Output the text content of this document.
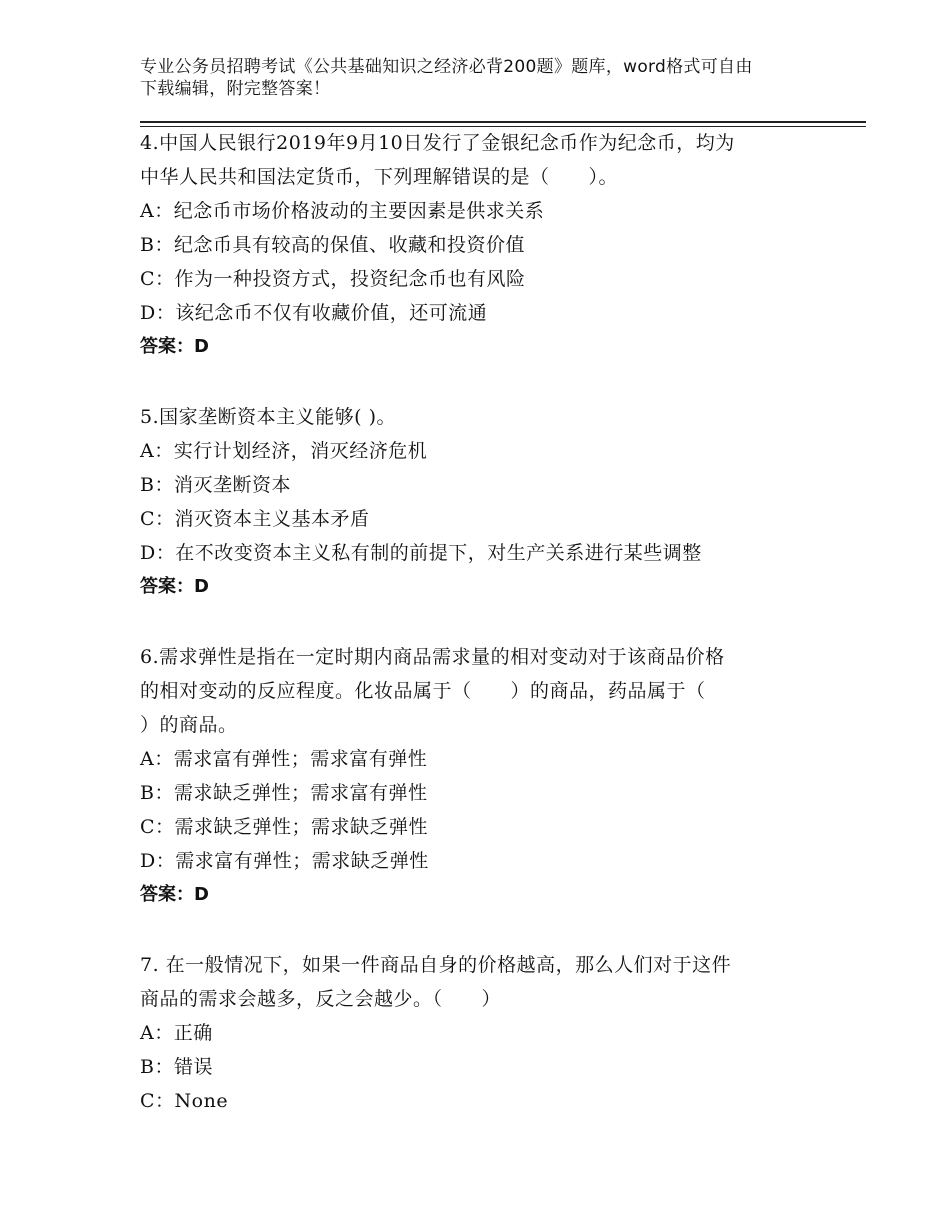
专业公务员招聘考试《公共基础知识之经济必背200题》题库，word格式可自由
下载编辑，附完整答案！
4.中国人民银行2019年9月10日发行了金银纪念币作为纪念币，均为
中华人民共和国法定货币，下列理解错误的是（　　）。
A：纪念币市场价格波动的主要因素是供求关系
B：纪念币具有较高的保值、收藏和投资价值
C：作为一种投资方式，投资纪念币也有风险
D：该纪念币不仅有收藏价值，还可流通
答案：D
5.国家垄断资本主义能够( )。
A：实行计划经济，消灭经济危机
B：消灭垄断资本
C：消灭资本主义基本矛盾
D：在不改变资本主义私有制的前提下，对生产关系进行某些调整
答案：D
6.需求弹性是指在一定时期内商品需求量的相对变动对于该商品价格
的相对变动的反应程度。化妆品属于（　　）的商品，药品属于（
）的商品。
A：需求富有弹性；需求富有弹性
B：需求缺乏弹性；需求富有弹性
C：需求缺乏弹性；需求缺乏弹性
D：需求富有弹性；需求缺乏弹性
答案：D
7. 在一般情况下，如果一件商品自身的价格越高，那么人们对于这件
商品的需求会越多，反之会越少。（　　）
A：正确
B：错误
C：None
